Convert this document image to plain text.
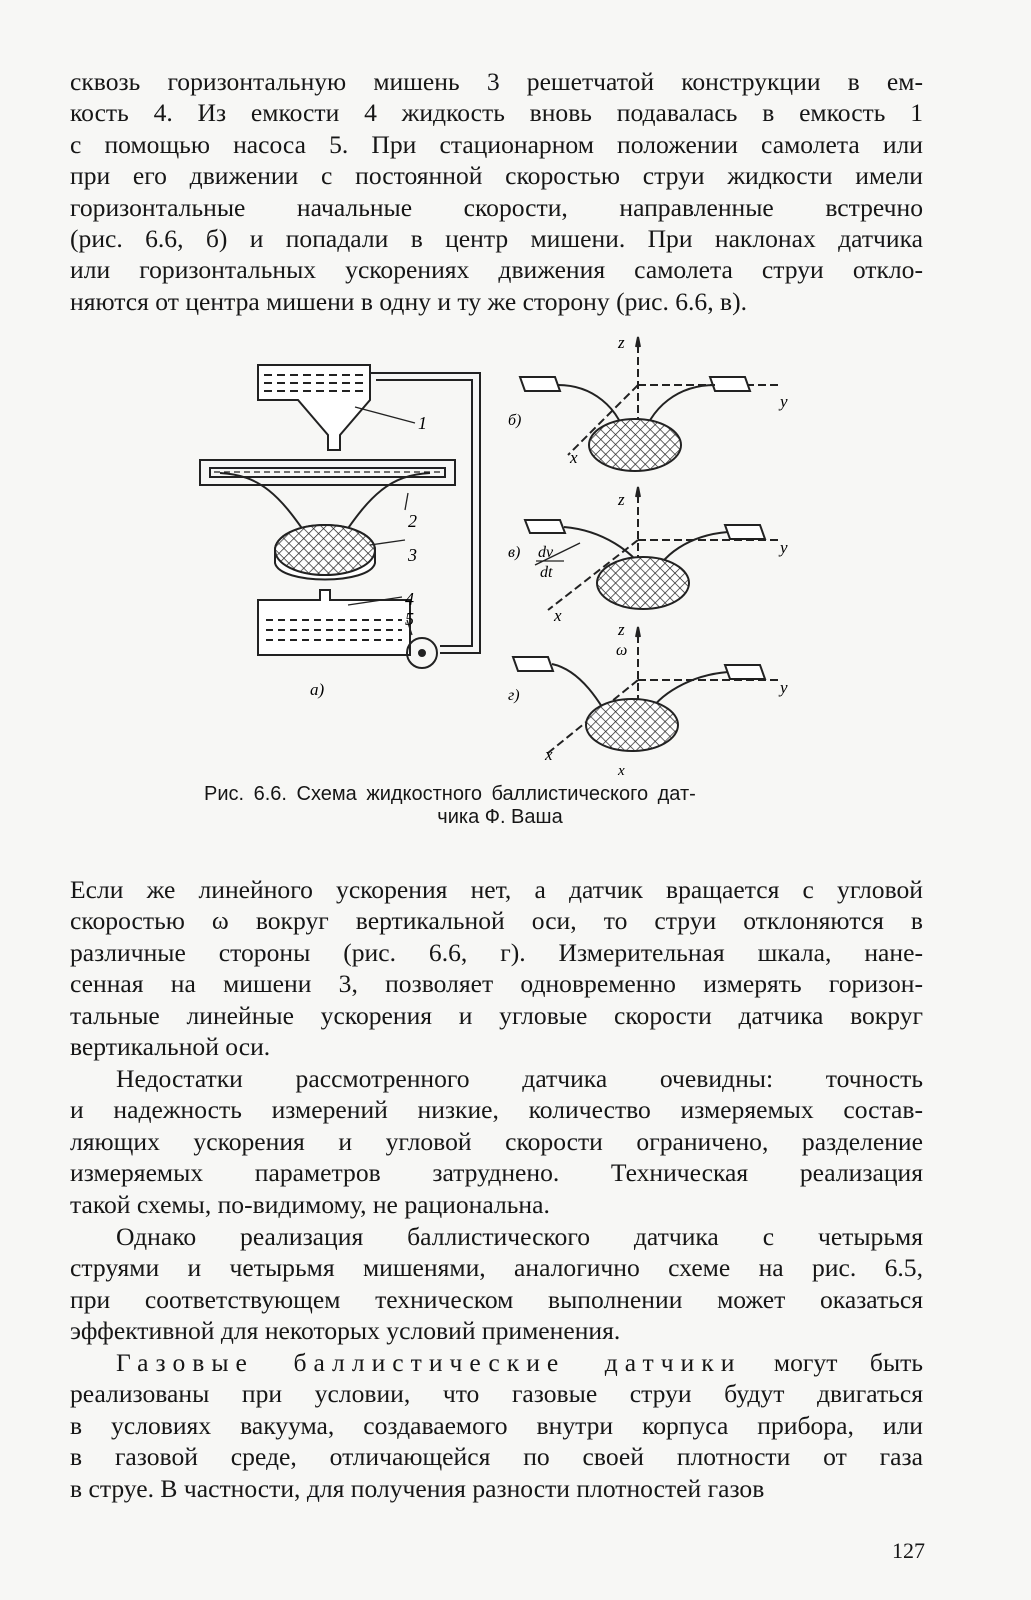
сквозь горизонтальную мишень 3 решетчатой конструкции в ем-
кость 4. Из емкости 4 жидкость вновь подавалась в емкость 1
с помощью насоса 5. При стационарном положении самолета или
при его движении с постоянной скоростью струи жидкости имели
горизонтальные начальные скорости, направленные встречно
(рис. 6.6, б) и попадали в центр мишени. При наклонах датчика
или горизонтальных ускорениях движения самолета струи откло-
няются от центра мишени в одну и ту же сторону (рис. 6.6, в).
1
2
3
4
5
а)
z
y
x
б)
z
y
x
в) dv
dt
z
ω
y
x
x
г)
Рис. 6.6. Схема жидкостного баллистического дат-
чика Ф. Ваша
Если же линейного ускорения нет, а датчик вращается с угловой
скоростью ω вокруг вертикальной оси, то струи отклоняются в
различные стороны (рис. 6.6, г). Измерительная шкала, нане-
сенная на мишени 3, позволяет одновременно измерять горизон-
тальные линейные ускорения и угловые скорости датчика вокруг
вертикальной оси.
Недостатки рассмотренного датчика очевидны: точность
и надежность измерений низкие, количество измеряемых состав-
ляющих ускорения и угловой скорости ограничено, разделение
измеряемых параметров затруднено. Техническая реализация
такой схемы, по-видимому, не рациональна.
Однако реализация баллистического датчика с четырьмя
струями и четырьмя мишенями, аналогично схеме на рис. 6.5,
при соответствующем техническом выполнении может оказаться
эффективной для некоторых условий применения.
Газовые баллистические датчики могут быть
реализованы при условии, что газовые струи будут двигаться
в условиях вакуума, создаваемого внутри корпуса прибора, или
в газовой среде, отличающейся по своей плотности от газа
в струе. В частности, для получения разности плотностей газов
127
